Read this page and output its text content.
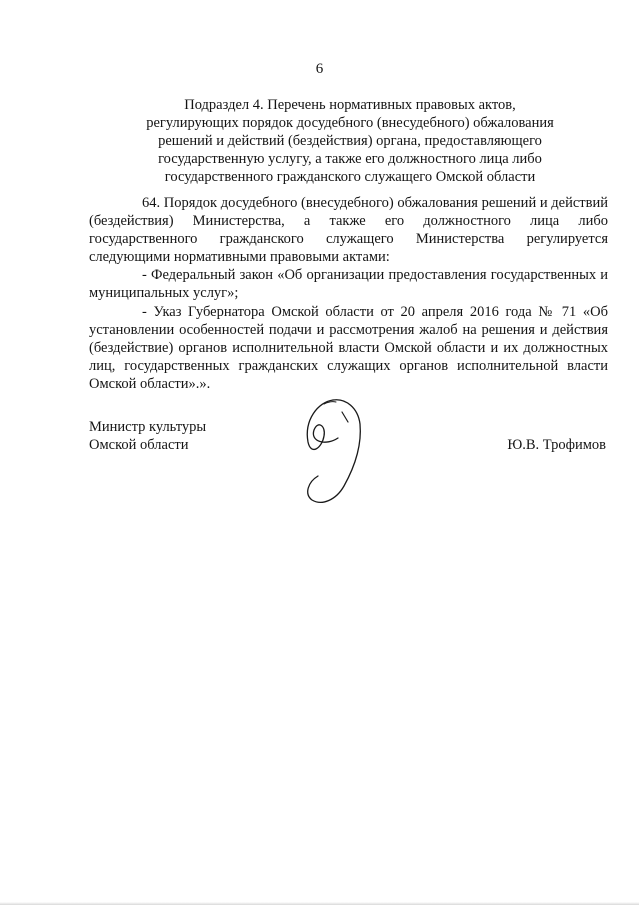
6
Подраздел 4. Перечень нормативных правовых актов,
регулирующих порядок досудебного (внесудебного) обжалования
решений и действий (бездействия) органа, предоставляющего
государственную услугу, а также его должностного лица либо
государственного гражданского служащего Омской области

64. Порядок досудебного (внесудебного) обжалования решений и действий (бездействия) Министерства, а также его должностного лица либо государственного гражданского служащего Министерства регулируется следующими нормативными правовыми актами:

- Федеральный закон «Об организации предоставления государственных и муниципальных услуг»;

- Указ Губернатора Омской области от 20 апреля 2016 года № 71 «Об установлении особенностей подачи и рассмотрения жалоб на решения и действия (бездействие) органов исполнительной власти Омской области и их должностных лиц, государственных гражданских служащих органов исполнительной власти Омской области».».

Министр культуры
Омской области	Ю.В. Трофимов
